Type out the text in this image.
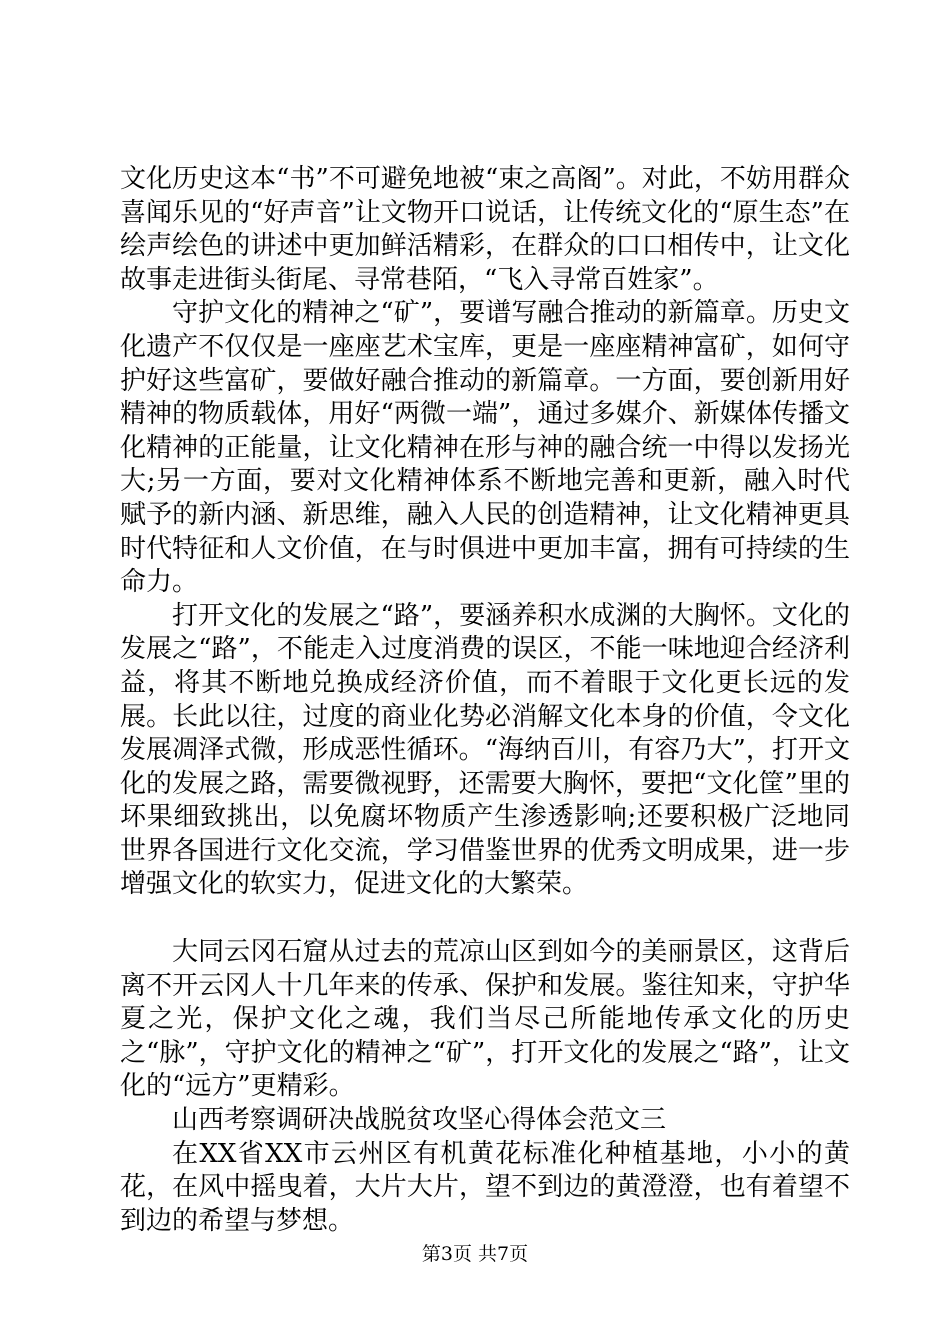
文化历史这本“书”不可避免地被“束之高阁”。对此，不妨用群众喜闻乐见的“好声音”让文物开口说话，让传统文化的“原生态”在绘声绘色的讲述中更加鲜活精彩，在群众的口口相传中，让文化故事走进街头街尾、寻常巷陌，“飞入寻常百姓家”。

守护文化的精神之“矿”，要谱写融合推动的新篇章。历史文化遗产不仅仅是一座座艺术宝库，更是一座座精神富矿，如何守护好这些富矿，要做好融合推动的新篇章。一方面，要创新用好精神的物质载体，用好“两微一端”，通过多媒介、新媒体传播文化精神的正能量，让文化精神在形与神的融合统一中得以发扬光大;另一方面，要对文化精神体系不断地完善和更新，融入时代赋予的新内涵、新思维，融入人民的创造精神，让文化精神更具时代特征和人文价值，在与时俱进中更加丰富，拥有可持续的生命力。

打开文化的发展之“路”，要涵养积水成渊的大胸怀。文化的发展之“路”，不能走入过度消费的误区，不能一味地迎合经济利益，将其不断地兑换成经济价值，而不着眼于文化更长远的发展。长此以往，过度的商业化势必消解文化本身的价值，令文化发展凋泽式微，形成恶性循环。“海纳百川，有容乃大”，打开文化的发展之路，需要微视野，还需要大胸怀，要把“文化筐”里的坏果细致挑出，以免腐坏物质产生渗透影响;还要积极广泛地同世界各国进行文化交流，学习借鉴世界的优秀文明成果，进一步增强文化的软实力，促进文化的大繁荣。

大同云冈石窟从过去的荒凉山区到如今的美丽景区，这背后离不开云冈人十几年来的传承、保护和发展。鉴往知来，守护华夏之光，保护文化之魂，我们当尽己所能地传承文化的历史之“脉”，守护文化的精神之“矿”，打开文化的发展之“路”，让文化的“远方”更精彩。

山西考察调研决战脱贫攻坚心得体会范文三

在XX省XX市云州区有机黄花标准化种植基地，小小的黄花，在风中摇曳着，大片大片，望不到边的黄澄澄，也有着望不到边的希望与梦想。

第3页 共7页
